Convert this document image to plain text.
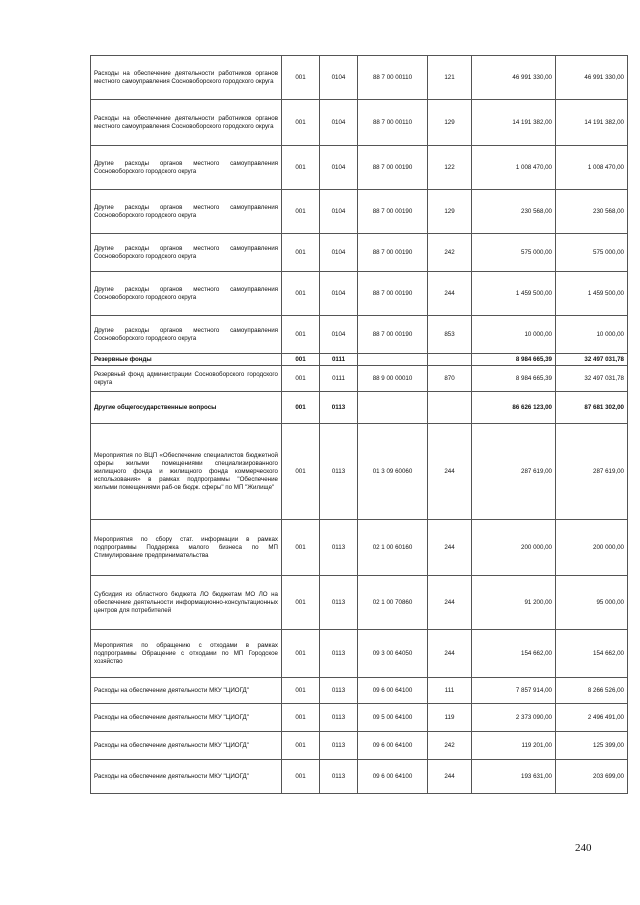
Расходы на обеспечение деятельности работников органов местного самоуправления Сосновоборского городского округа	001	0104	88 7 00 00110	121	46 991 330,00	46 991 330,00
Расходы на обеспечение деятельности работников органов местного самоуправления Сосновоборского городского округа	001	0104	88 7 00 00110	129	14 191 382,00	14 191 382,00
Другие расходы органов местного самоуправления Сосновоборского городского округа	001	0104	88 7 00 00190	122	1 008 470,00	1 008 470,00
Другие расходы органов местного самоуправления Сосновоборского городского округа	001	0104	88 7 00 00190	129	230 568,00	230 568,00
Другие расходы органов местного самоуправления Сосновоборского городского округа	001	0104	88 7 00 00190	242	575 000,00	575 000,00
Другие расходы органов местного самоуправления Сосновоборского городского округа	001	0104	88 7 00 00190	244	1 459 500,00	1 459 500,00
Другие расходы органов местного самоуправления Сосновоборского городского округа	001	0104	88 7 00 00190	853	10 000,00	10 000,00
Резервные фонды	001	0111			8 984 665,39	32 497 031,78
Резервный фонд администрации Сосновоборского городского округа	001	0111	88 9 00 00010	870	8 984 665,39	32 497 031,78
Другие общегосударственные вопросы	001	0113			86 626 123,00	87 681 302,00
Мероприятия по ВЦП «Обеспечение специалистов бюджетной сферы жилыми помещениями специализированного жилищного фонда и жилищного фонда коммерческого использования» в рамках подпрограммы "Обеспечение жилыми помещениями раб-ов бюдж. сферы" по МП "Жилище"	001	0113	01 3 09 60060	244	287 619,00	287 619,00
Мероприятия по сбору стат. информации в рамках подпрограммы Поддержка малого бизнеса по МП Стимулирование предпринимательства	001	0113	02 1 00 60160	244	200 000,00	200 000,00
Субсидия из областного бюджета ЛО бюджетам МО ЛО на обеспечение деятельности информационно-консультационных центров для потребителей	001	0113	02 1 00 70860	244	91 200,00	95 000,00
Мероприятия по обращению с отходами в рамках подпрограммы Обращение с отходами по МП Городское хозяйство	001	0113	09 3 00 64050	244	154 662,00	154 662,00
Расходы на обеспечение деятельности МКУ "ЦИОГД"	001	0113	09 6 00 64100	111	7 857 914,00	8 266 526,00
Расходы на обеспечение деятельности МКУ "ЦИОГД"	001	0113	09 5 00 64100	119	2 373 090,00	2 496 491,00
Расходы на обеспечение деятельности МКУ "ЦИОГД"	001	0113	09 6 00 64100	242	119 201,00	125 399,00
Расходы на обеспечение деятельности МКУ "ЦИОГД"	001	0113	09 6 00 64100	244	193 631,00	203 699,00
240
